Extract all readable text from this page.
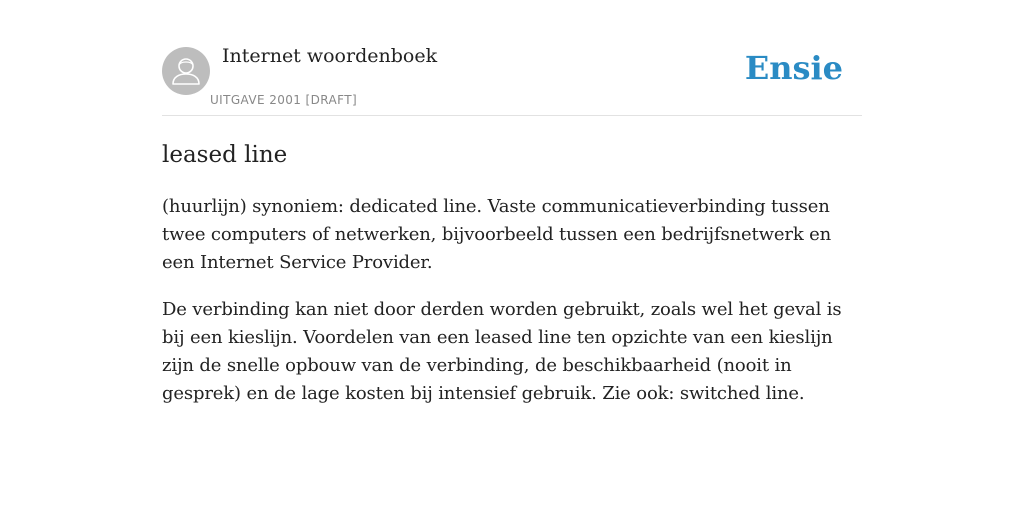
Internet woordenboek
UITGAVE 2001 [DRAFT]
Ensie
leased line

(huurlijn) synoniem: dedicated line. Vaste communicatieverbinding tussen twee computers of netwerken, bijvoorbeeld tussen een bedrijfsnetwerk en een Internet Service Provider.

De verbinding kan niet door derden worden gebruikt, zoals wel het geval is bij een kieslijn. Voordelen van een leased line ten opzichte van een kieslijn zijn de snelle opbouw van de verbinding, de beschikbaarheid (nooit in gesprek) en de lage kosten bij intensief gebruik. Zie ook: switched line.
